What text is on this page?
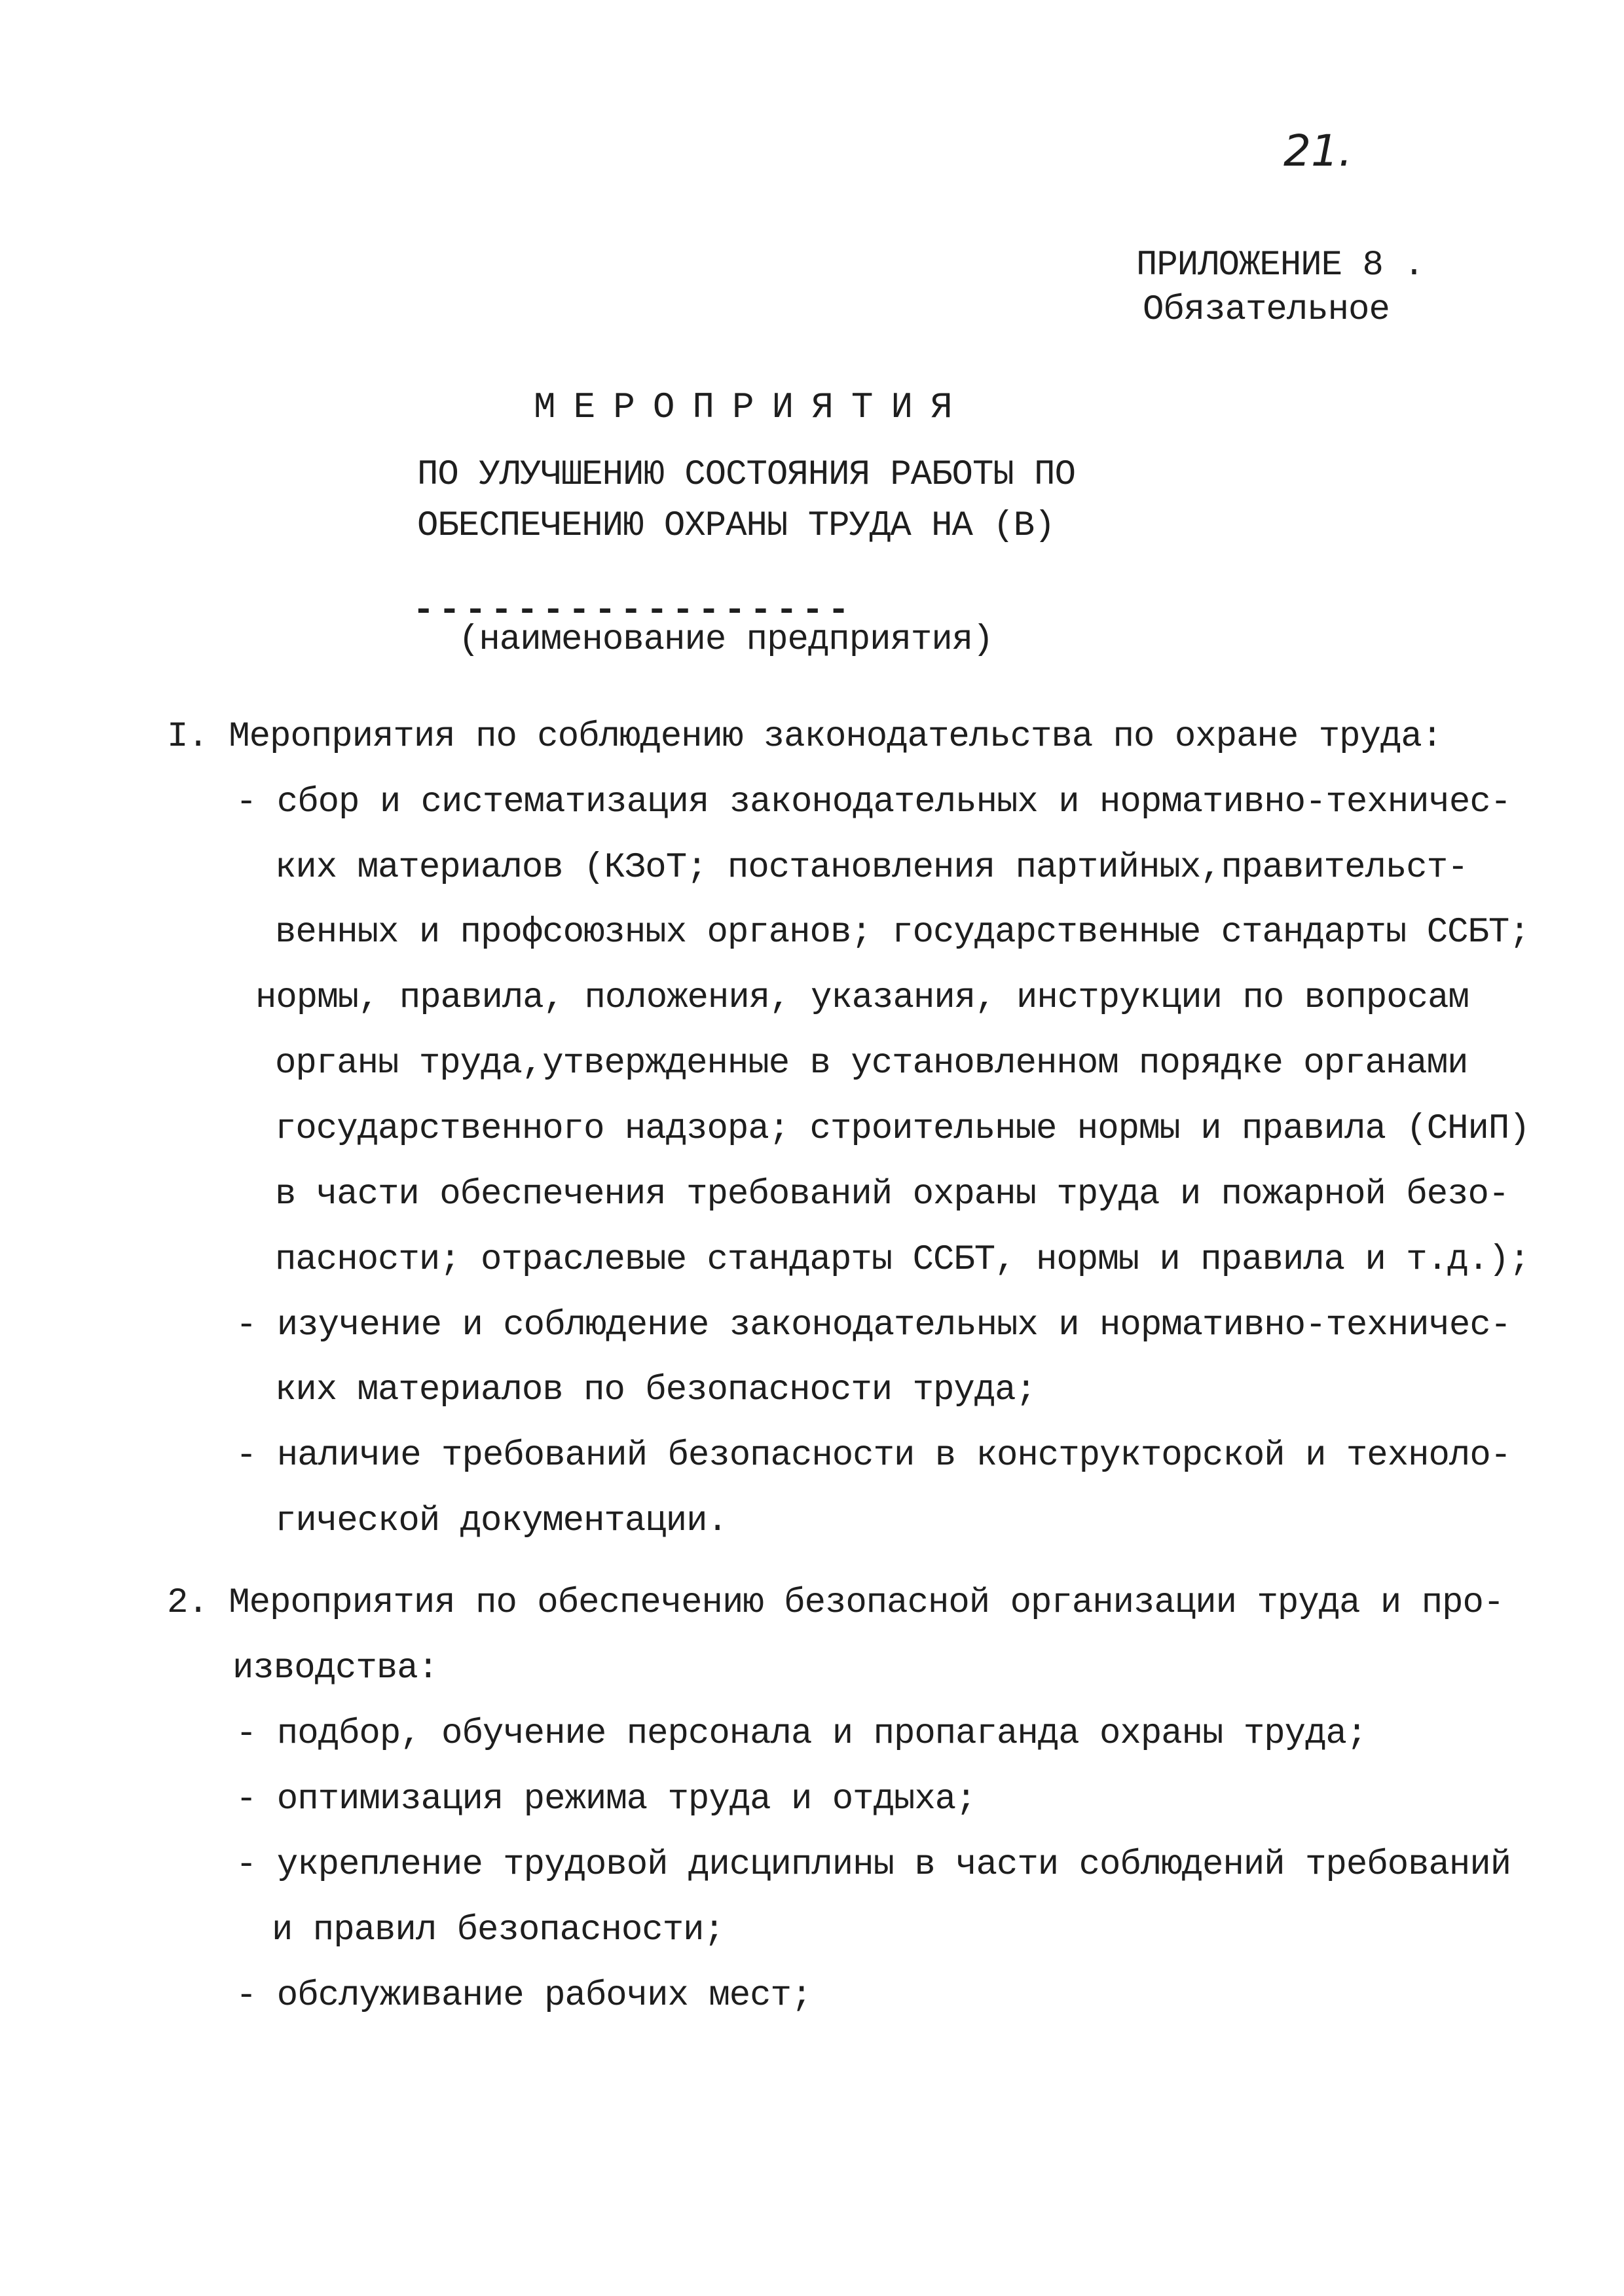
21.
ПРИЛОЖЕНИЕ 8 .
Обязательное
МЕРОПРИЯТИЯ
ПО УЛУЧШЕНИЮ СОСТОЯНИЯ РАБОТЫ ПО
ОБЕСПЕЧЕНИЮ ОХРАНЫ ТРУДА НА (В)
-----------------
(наименование предприятия)
I. Мероприятия по соблюдению законодательства по охране труда:
- сбор и систематизация законодательных и нормативно-техничес-
ких материалов (КЗоТ; постановления партийных,правительст-
венных и профсоюзных органов; государственные стандарты ССБТ;
нормы, правила, положения, указания, инструкции по вопросам
органы труда,утвержденные в установленном порядке органами
государственного надзора; строительные нормы и правила (СНиП)
в части обеспечения требований охраны труда и пожарной безо-
пасности; отраслевые стандарты ССБТ, нормы и правила и т.д.);
- изучение и соблюдение законодательных и нормативно-техничес-
ких материалов по безопасности труда;
- наличие требований безопасности в конструкторской и техноло-
гической документации.
2. Мероприятия по обеспечению безопасной организации труда и про-
изводства:
- подбор, обучение персонала и пропаганда охраны труда;
- оптимизация режима труда и отдыха;
- укрепление трудовой дисциплины в части соблюдений требований
и правил безопасности;
- обслуживание рабочих мест;
